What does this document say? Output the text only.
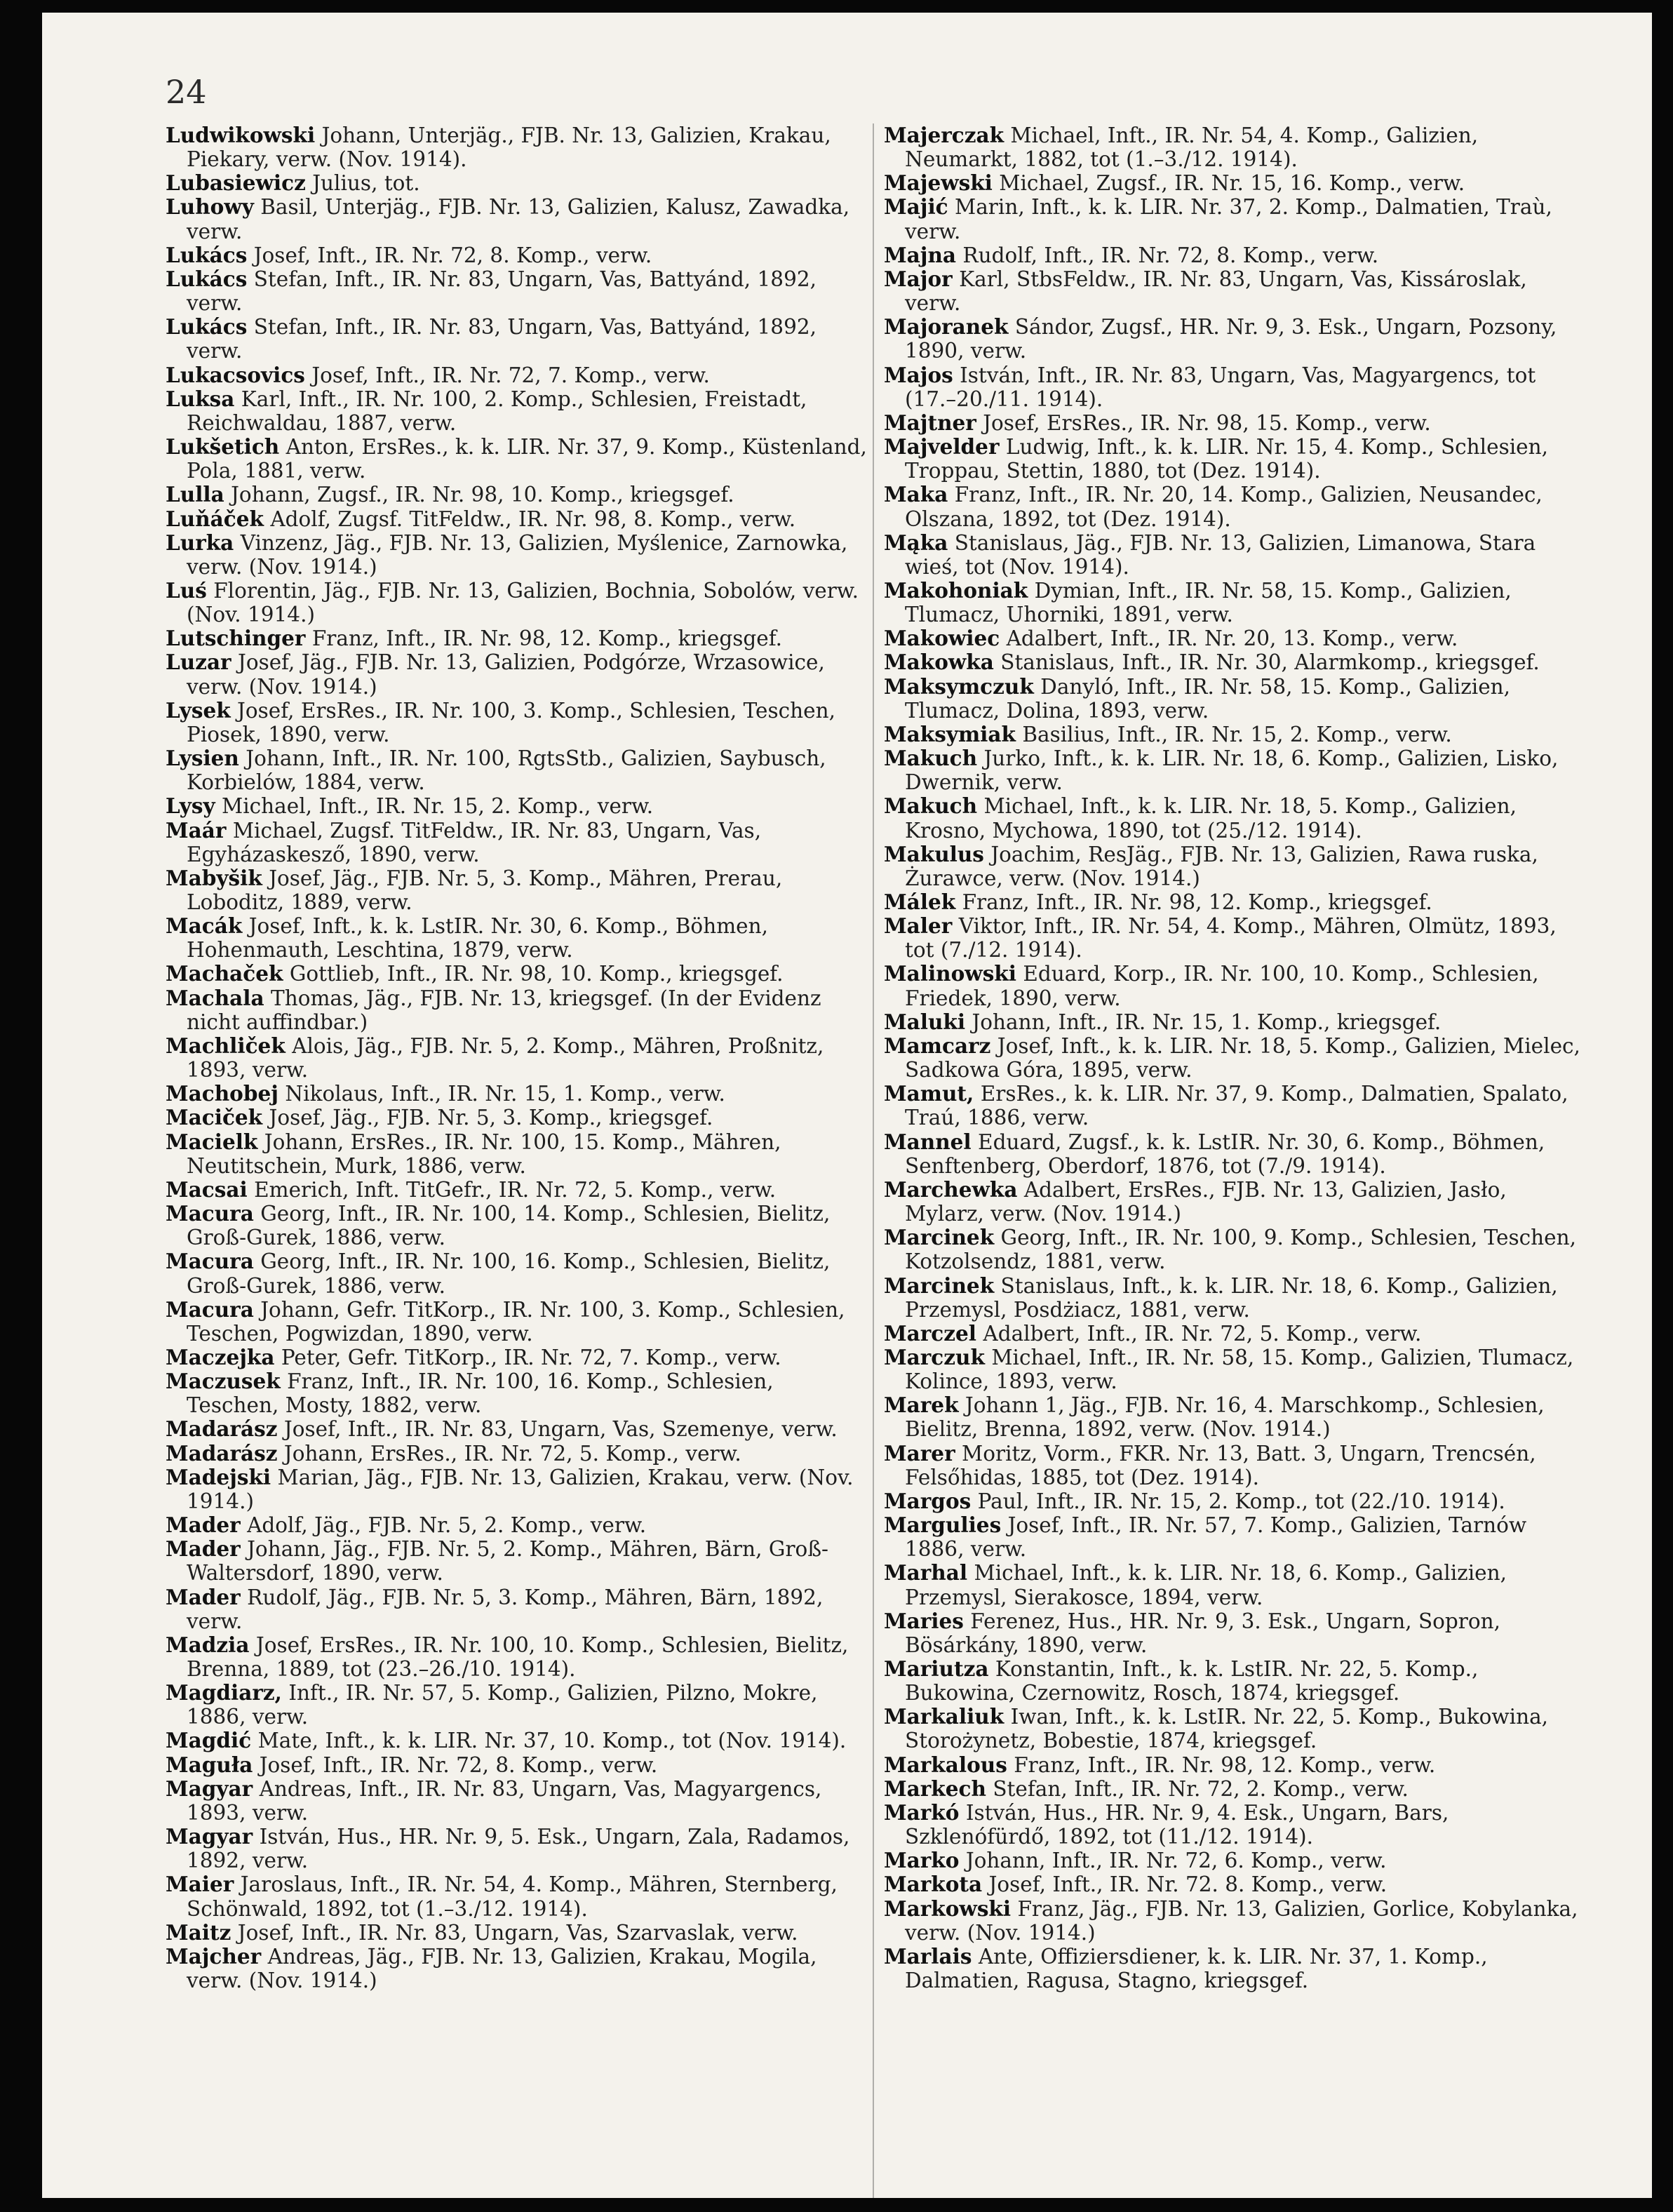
24

Ludwikowski Johann, Unterjäg., FJB. Nr. 13, Galizien, Krakau, Piekary, verw. (Nov. 1914).

Lubasiewicz Julius, tot.

Luhowy Basil, Unterjäg., FJB. Nr. 13, Galizien, Kalusz, Zawadka, verw.

Lukács Josef, Inft., IR. Nr. 72, 8. Komp., verw.

Lukács Stefan, Inft., IR. Nr. 83, Ungarn, Vas, Battyánd, 1892, verw.

Lukács Stefan, Inft., IR. Nr. 83, Ungarn, Vas, Battyánd, 1892, verw.

Lukacsovics Josef, Inft., IR. Nr. 72, 7. Komp., verw.

Luksa Karl, Inft., IR. Nr. 100, 2. Komp., Schlesien, Freistadt, Reichwaldau, 1887, verw.

Lukšetich Anton, ErsRes., k. k. LIR. Nr. 37, 9. Komp., Küstenland, Pola, 1881, verw.

Lulla Johann, Zugsf., IR. Nr. 98, 10. Komp., kriegsgef.

Luňáček Adolf, Zugsf. TitFeldw., IR. Nr. 98, 8. Komp., verw.

Lurka Vinzenz, Jäg., FJB. Nr. 13, Galizien, Myślenice, Zarnowka, verw. (Nov. 1914.)

Luś Florentin, Jäg., FJB. Nr. 13, Galizien, Bochnia, Sobolów, verw. (Nov. 1914.)

Lutschinger Franz, Inft., IR. Nr. 98, 12. Komp., kriegsgef.

Luzar Josef, Jäg., FJB. Nr. 13, Galizien, Podgórze, Wrzasowice, verw. (Nov. 1914.)

Lysek Josef, ErsRes., IR. Nr. 100, 3. Komp., Schlesien, Teschen, Piosek, 1890, verw.

Lysien Johann, Inft., IR. Nr. 100, RgtsStb., Galizien, Saybusch, Korbielów, 1884, verw.

Lysy Michael, Inft., IR. Nr. 15, 2. Komp., verw.

Maár Michael, Zugsf. TitFeldw., IR. Nr. 83, Ungarn, Vas, Egyházaskesző, 1890, verw.

Mabyšik Josef, Jäg., FJB. Nr. 5, 3. Komp., Mähren, Prerau, Loboditz, 1889, verw.

Macák Josef, Inft., k. k. LstIR. Nr. 30, 6. Komp., Böhmen, Hohenmauth, Leschtina, 1879, verw.

Machaček Gottlieb, Inft., IR. Nr. 98, 10. Komp., kriegsgef.

Machala Thomas, Jäg., FJB. Nr. 13, kriegsgef. (In der Evidenz nicht auffindbar.)

Machliček Alois, Jäg., FJB. Nr. 5, 2. Komp., Mähren, Proßnitz, 1893, verw.

Machobej Nikolaus, Inft., IR. Nr. 15, 1. Komp., verw.

Maciček Josef, Jäg., FJB. Nr. 5, 3. Komp., kriegsgef.

Macielk Johann, ErsRes., IR. Nr. 100, 15. Komp., Mähren, Neutitschein, Murk, 1886, verw.

Macsai Emerich, Inft. TitGefr., IR. Nr. 72, 5. Komp., verw.

Macura Georg, Inft., IR. Nr. 100, 14. Komp., Schlesien, Bielitz, Groß-Gurek, 1886, verw.

Macura Georg, Inft., IR. Nr. 100, 16. Komp., Schlesien, Bielitz, Groß-Gurek, 1886, verw.

Macura Johann, Gefr. TitKorp., IR. Nr. 100, 3. Komp., Schlesien, Teschen, Pogwizdan, 1890, verw.

Maczejka Peter, Gefr. TitKorp., IR. Nr. 72, 7. Komp., verw.

Maczusek Franz, Inft., IR. Nr. 100, 16. Komp., Schlesien, Teschen, Mosty, 1882, verw.

Madarász Josef, Inft., IR. Nr. 83, Ungarn, Vas, Szemenye, verw.

Madarász Johann, ErsRes., IR. Nr. 72, 5. Komp., verw.

Madejski Marian, Jäg., FJB. Nr. 13, Galizien, Krakau, verw. (Nov. 1914.)

Mader Adolf, Jäg., FJB. Nr. 5, 2. Komp., verw.

Mader Johann, Jäg., FJB. Nr. 5, 2. Komp., Mähren, Bärn, Groß-Waltersdorf, 1890, verw.

Mader Rudolf, Jäg., FJB. Nr. 5, 3. Komp., Mähren, Bärn, 1892, verw.

Madzia Josef, ErsRes., IR. Nr. 100, 10. Komp., Schlesien, Bielitz, Brenna, 1889, tot (23.–26./10. 1914).

Magdiarz, Inft., IR. Nr. 57, 5. Komp., Galizien, Pilzno, Mokre, 1886, verw.

Magdić Mate, Inft., k. k. LIR. Nr. 37, 10. Komp., tot (Nov. 1914).

Maguła Josef, Inft., IR. Nr. 72, 8. Komp., verw.

Magyar Andreas, Inft., IR. Nr. 83, Ungarn, Vas, Magyargencs, 1893, verw.

Magyar István, Hus., HR. Nr. 9, 5. Esk., Ungarn, Zala, Radamos, 1892, verw.

Maier Jaroslaus, Inft., IR. Nr. 54, 4. Komp., Mähren, Sternberg, Schönwald, 1892, tot (1.–3./12. 1914).

Maitz Josef, Inft., IR. Nr. 83, Ungarn, Vas, Szarvaslak, verw.

Majcher Andreas, Jäg., FJB. Nr. 13, Galizien, Krakau, Mogila, verw. (Nov. 1914.)

Majerczak Michael, Inft., IR. Nr. 54, 4. Komp., Galizien, Neumarkt, 1882, tot (1.–3./12. 1914).

Majewski Michael, Zugsf., IR. Nr. 15, 16. Komp., verw.

Majić Marin, Inft., k. k. LIR. Nr. 37, 2. Komp., Dalmatien, Traù, verw.

Majna Rudolf, Inft., IR. Nr. 72, 8. Komp., verw.

Major Karl, StbsFeldw., IR. Nr. 83, Ungarn, Vas, Kissároslak, verw.

Majoranek Sándor, Zugsf., HR. Nr. 9, 3. Esk., Ungarn, Pozsony, 1890, verw.

Majos István, Inft., IR. Nr. 83, Ungarn, Vas, Magyargencs, tot (17.–20./11. 1914).

Majtner Josef, ErsRes., IR. Nr. 98, 15. Komp., verw.

Majvelder Ludwig, Inft., k. k. LIR. Nr. 15, 4. Komp., Schlesien, Troppau, Stettin, 1880, tot (Dez. 1914).

Maka Franz, Inft., IR. Nr. 20, 14. Komp., Galizien, Neusandec, Olszana, 1892, tot (Dez. 1914).

Mąka Stanislaus, Jäg., FJB. Nr. 13, Galizien, Limanowa, Stara wieś, tot (Nov. 1914).

Makohoniak Dymian, Inft., IR. Nr. 58, 15. Komp., Galizien, Tlumacz, Uhorniki, 1891, verw.

Makowiec Adalbert, Inft., IR. Nr. 20, 13. Komp., verw.

Makowka Stanislaus, Inft., IR. Nr. 30, Alarmkomp., kriegsgef.

Maksymczuk Danyló, Inft., IR. Nr. 58, 15. Komp., Galizien, Tlumacz, Dolina, 1893, verw.

Maksymiak Basilius, Inft., IR. Nr. 15, 2. Komp., verw.

Makuch Jurko, Inft., k. k. LIR. Nr. 18, 6. Komp., Galizien, Lisko, Dwernik, verw.

Makuch Michael, Inft., k. k. LIR. Nr. 18, 5. Komp., Galizien, Krosno, Mychowa, 1890, tot (25./12. 1914).

Makulus Joachim, ResJäg., FJB. Nr. 13, Galizien, Rawa ruska, Żurawce, verw. (Nov. 1914.)

Málek Franz, Inft., IR. Nr. 98, 12. Komp., kriegsgef.

Maler Viktor, Inft., IR. Nr. 54, 4. Komp., Mähren, Olmütz, 1893, tot (7./12. 1914).

Malinowski Eduard, Korp., IR. Nr. 100, 10. Komp., Schlesien, Friedek, 1890, verw.

Maluki Johann, Inft., IR. Nr. 15, 1. Komp., kriegsgef.

Mamcarz Josef, Inft., k. k. LIR. Nr. 18, 5. Komp., Galizien, Mielec, Sadkowa Góra, 1895, verw.

Mamut, ErsRes., k. k. LIR. Nr. 37, 9. Komp., Dalmatien, Spalato, Traú, 1886, verw.

Mannel Eduard, Zugsf., k. k. LstIR. Nr. 30, 6. Komp., Böhmen, Senftenberg, Oberdorf, 1876, tot (7./9. 1914).

Marchewka Adalbert, ErsRes., FJB. Nr. 13, Galizien, Jasło, Mylarz, verw. (Nov. 1914.)

Marcinek Georg, Inft., IR. Nr. 100, 9. Komp., Schlesien, Teschen, Kotzolsendz, 1881, verw.

Marcinek Stanislaus, Inft., k. k. LIR. Nr. 18, 6. Komp., Galizien, Przemysl, Posdżiacz, 1881, verw.

Marczel Adalbert, Inft., IR. Nr. 72, 5. Komp., verw.

Marczuk Michael, Inft., IR. Nr. 58, 15. Komp., Galizien, Tlumacz, Kolince, 1893, verw.

Marek Johann 1, Jäg., FJB. Nr. 16, 4. Marschkomp., Schlesien, Bielitz, Brenna, 1892, verw. (Nov. 1914.)

Marer Moritz, Vorm., FKR. Nr. 13, Batt. 3, Ungarn, Trencsén, Felsőhidas, 1885, tot (Dez. 1914).

Margos Paul, Inft., IR. Nr. 15, 2. Komp., tot (22./10. 1914).

Margulies Josef, Inft., IR. Nr. 57, 7. Komp., Galizien, Tarnów 1886, verw.

Marhal Michael, Inft., k. k. LIR. Nr. 18, 6. Komp., Galizien, Przemysl, Sierakosce, 1894, verw.

Maries Ferenez, Hus., HR. Nr. 9, 3. Esk., Ungarn, Sopron, Bösárkány, 1890, verw.

Mariutza Konstantin, Inft., k. k. LstIR. Nr. 22, 5. Komp., Bukowina, Czernowitz, Rosch, 1874, kriegsgef.

Markaliuk Iwan, Inft., k. k. LstIR. Nr. 22, 5. Komp., Bukowina, Storożynetz, Bobestie, 1874, kriegsgef.

Markalous Franz, Inft., IR. Nr. 98, 12. Komp., verw.

Markech Stefan, Inft., IR. Nr. 72, 2. Komp., verw.

Markó István, Hus., HR. Nr. 9, 4. Esk., Ungarn, Bars, Szklenófürdő, 1892, tot (11./12. 1914).

Marko Johann, Inft., IR. Nr. 72, 6. Komp., verw.

Markota Josef, Inft., IR. Nr. 72. 8. Komp., verw.

Markowski Franz, Jäg., FJB. Nr. 13, Galizien, Gorlice, Kobylanka, verw. (Nov. 1914.)

Marlais Ante, Offiziersdiener, k. k. LIR. Nr. 37, 1. Komp., Dalmatien, Ragusa, Stagno, kriegsgef.
